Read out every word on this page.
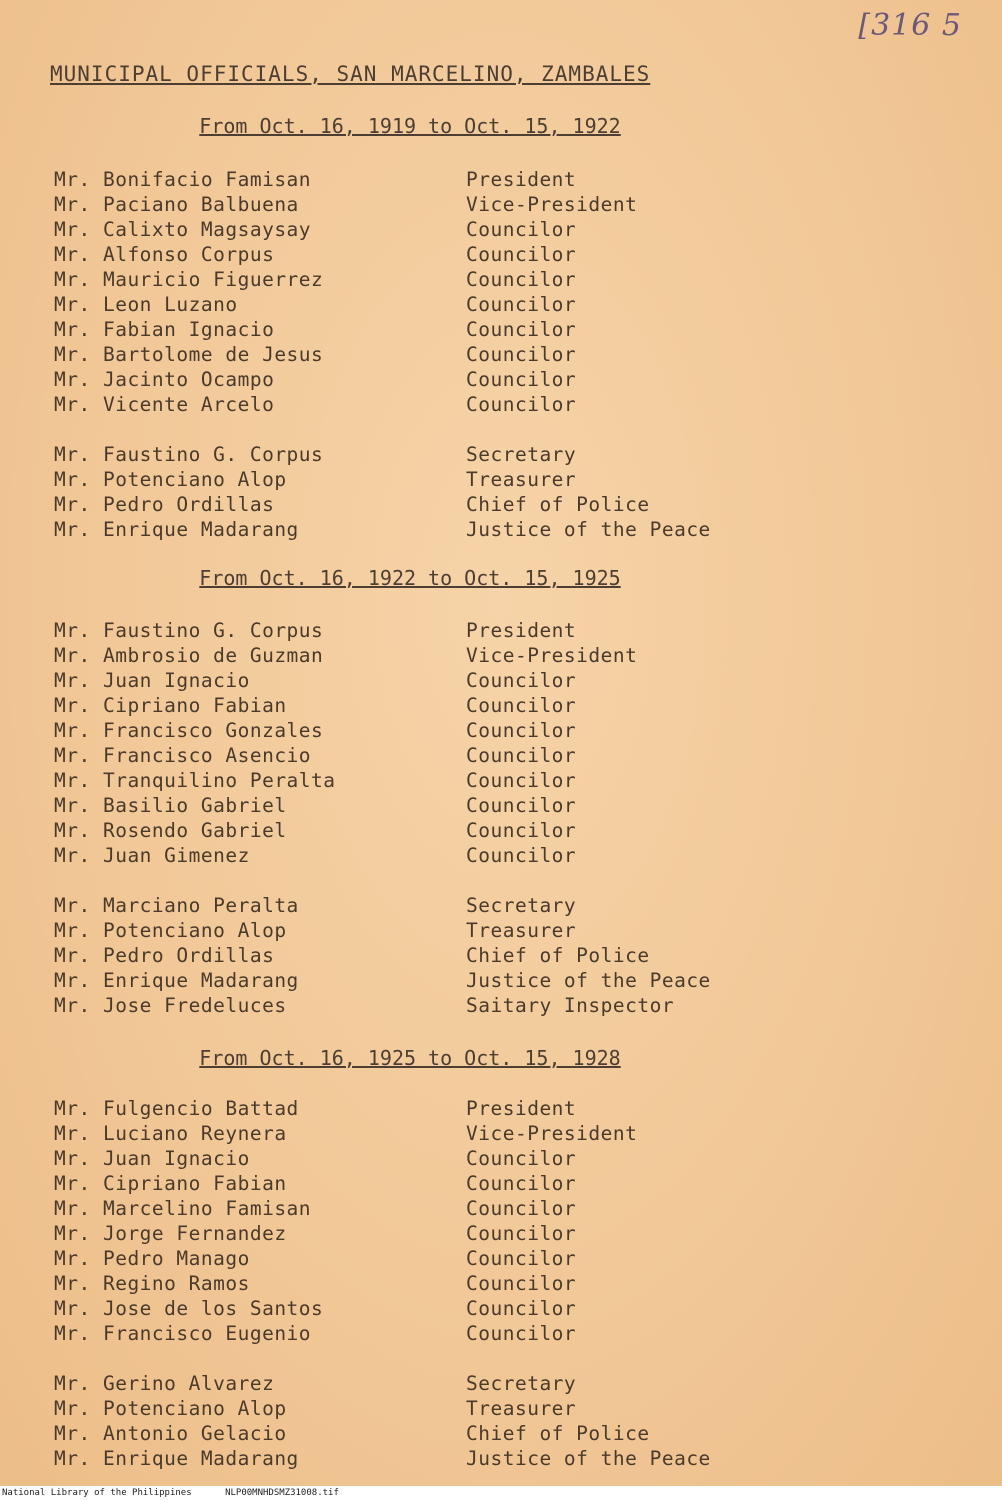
[316 5
MUNICIPAL OFFICIALS, SAN MARCELINO, ZAMBALES
From Oct. 16, 1919 to Oct. 15, 1922
Mr. Bonifacio Famisan	President
Mr. Paciano Balbuena	Vice-President
Mr. Calixto Magsaysay	Councilor
Mr. Alfonso Corpus	Councilor
Mr. Mauricio Figuerrez	Councilor
Mr. Leon Luzano	Councilor
Mr. Fabian Ignacio	Councilor
Mr. Bartolome de Jesus	Councilor
Mr. Jacinto Ocampo	Councilor
Mr. Vicente Arcelo	Councilor
Mr. Faustino G. Corpus	Secretary
Mr. Potenciano Alop	Treasurer
Mr. Pedro Ordillas	Chief of Police
Mr. Enrique Madarang	Justice of the Peace
From Oct. 16, 1922 to Oct. 15, 1925
Mr. Faustino G. Corpus	President
Mr. Ambrosio de Guzman	Vice-President
Mr. Juan Ignacio	Councilor
Mr. Cipriano Fabian	Councilor
Mr. Francisco Gonzales	Councilor
Mr. Francisco Asencio	Councilor
Mr. Tranquilino Peralta	Councilor
Mr. Basilio Gabriel	Councilor
Mr. Rosendo Gabriel	Councilor
Mr. Juan Gimenez	Councilor
Mr. Marciano Peralta	Secretary
Mr. Potenciano Alop	Treasurer
Mr. Pedro Ordillas	Chief of Police
Mr. Enrique Madarang	Justice of the Peace
Mr. Jose Fredeluces	Saitary Inspector
From Oct. 16, 1925 to Oct. 15, 1928
Mr. Fulgencio Battad	President
Mr. Luciano Reynera	Vice-President
Mr. Juan Ignacio	Councilor
Mr. Cipriano Fabian	Councilor
Mr. Marcelino Famisan	Councilor
Mr. Jorge Fernandez	Councilor
Mr. Pedro Manago	Councilor
Mr. Regino Ramos	Councilor
Mr. Jose de los Santos	Councilor
Mr. Francisco Eugenio	Councilor
Mr. Gerino Alvarez	Secretary
Mr. Potenciano Alop	Treasurer
Mr. Antonio Gelacio	Chief of Police
Mr. Enrique Madarang	Justice of the Peace
National Library of the Philippines	NLP00MNHDSMZ31008.tif
